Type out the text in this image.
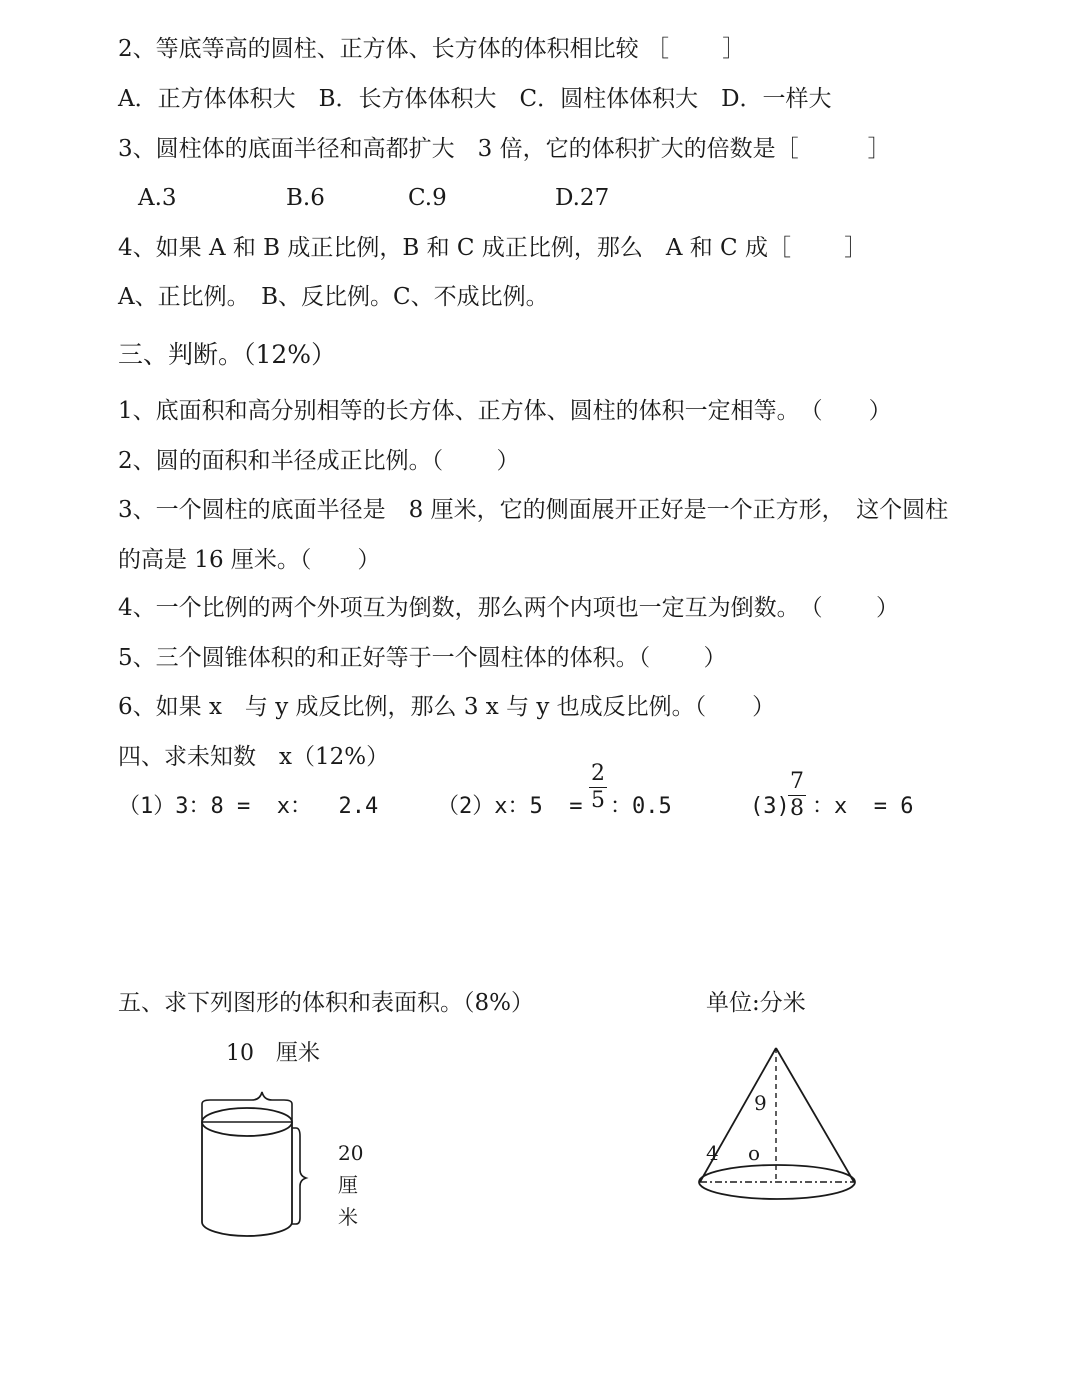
2、等底等高的圆柱、正方体、长方体的体积相比较 ［　　 ］
A．正方体体积大　B．长方体体积大　C．圆柱体体积大　D．一样大
3、圆柱体的底面半径和高都扩大　3 倍，它的体积扩大的倍数是［　　　］
A.3	B.6	C.9	D.27
4、如果 A 和 B 成正比例，B 和 C 成正比例，那么　A 和 C 成［　　 ］
A、正比例。　B、反比例。C、不成比例。
三、判断。（12%）
1、底面积和高分别相等的长方体、正方体、圆柱的体积一定相等。　（　　）
2、圆的面积和半径成正比例。（　　 ）
3、一个圆柱的底面半径是　8 厘米，它的侧面展开正好是一个正方形，　这个圆柱
的高是 16 厘米。（　　）
4、一个比例的两个外项互为倒数，那么两个内项也一定互为倒数。　（　　 ）
5、三个圆锥体积的和正好等于一个圆柱体的体积。（　　 ）
6、如果 x　与 y 成反比例，那么 3 x 与 y 也成反比例。（　　）
四、求未知数　x（12%）
（1）3：8 =  x：  2.4	（2）x：5  =
2
5 ：0.5	(3)
7
8 ：x  = 6
五、求下列图形的体积和表面积。（8%）	单位:分米
10　厘米
20
厘
米
9
4 o
